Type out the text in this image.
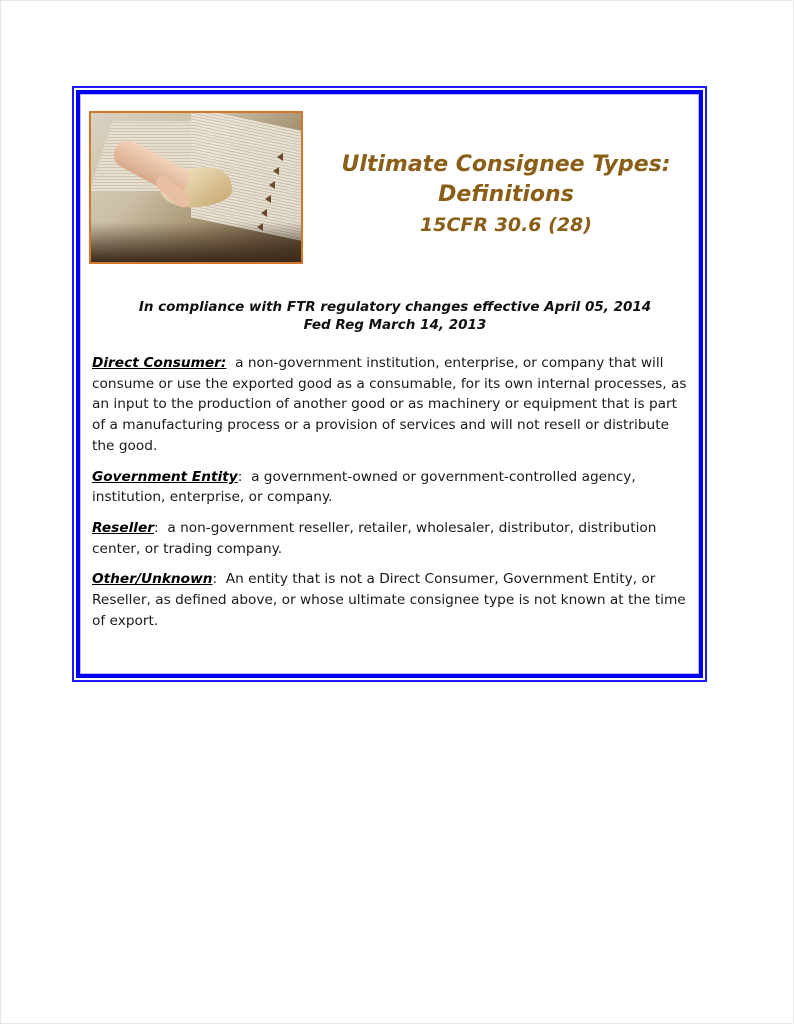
Ultimate Consignee Types:
Definitions
15CFR 30.6 (28)
In compliance with FTR regulatory changes effective April 05, 2014
Fed Reg March 14, 2013

Direct Consumer: a non-government institution, enterprise, or company that will consume or use the exported good as a consumable, for its own internal processes, as an input to the production of another good or as machinery or equipment that is part of a manufacturing process or a provision of services and will not resell or distribute the good.

Government Entity:  a government-owned or government-controlled agency, institution, enterprise, or company.

Reseller:  a non-government reseller, retailer, wholesaler, distributor, distribution center, or trading company.

Other/Unknown:  An entity that is not a Direct Consumer, Government Entity, or Reseller, as defined above, or whose ultimate consignee type is not known at the time of export.
